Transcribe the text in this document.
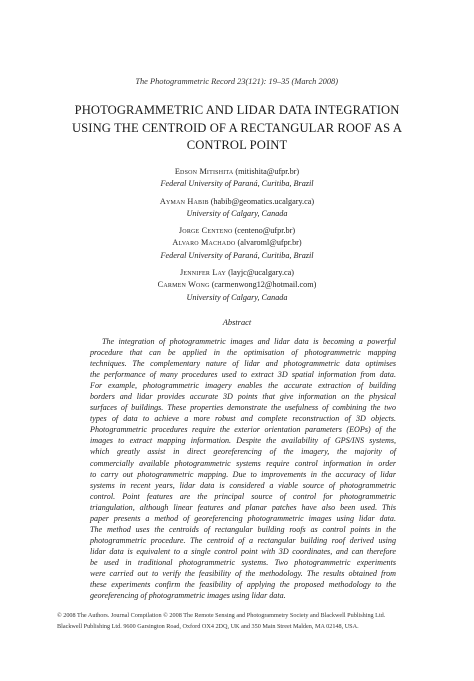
The Photogrammetric Record 23(121): 19–35 (March 2008)
PHOTOGRAMMETRIC AND LIDAR DATA INTEGRATION
USING THE CENTROID OF A RECTANGULAR ROOF AS A
CONTROL POINT
Edson Mitishita (mitishita@ufpr.br)
Federal University of Paraná, Curitiba, Brazil
Ayman Habib (habib@geomatics.ucalgary.ca)
University of Calgary, Canada
Jorge Centeno (centeno@ufpr.br)
Alvaro Machado (alvaroml@ufpr.br)
Federal University of Paraná, Curitiba, Brazil
Jennifer Lay (layjc@ucalgary.ca)
Carmen Wong (carmenwong12@hotmail.com)
University of Calgary, Canada
Abstract
The integration of photogrammetric images and lidar data is becoming a powerful
procedure that can be applied in the optimisation of photogrammetric mapping
techniques. The complementary nature of lidar and photogrammetric data optimises
the performance of many procedures used to extract 3D spatial information from data.
For example, photogrammetric imagery enables the accurate extraction of building
borders and lidar provides accurate 3D points that give information on the physical
surfaces of buildings. These properties demonstrate the usefulness of combining the two
types of data to achieve a more robust and complete reconstruction of 3D objects.
Photogrammetric procedures require the exterior orientation parameters (EOPs) of the
images to extract mapping information. Despite the availability of GPS/INS systems,
which greatly assist in direct georeferencing of the imagery, the majority of
commercially available photogrammetric systems require control information in order
to carry out photogrammetric mapping. Due to improvements in the accuracy of lidar
systems in recent years, lidar data is considered a viable source of photogrammetric
control. Point features are the principal source of control for photogrammetric
triangulation, although linear features and planar patches have also been used. This
paper presents a method of georeferencing photogrammetric images using lidar data.
The method uses the centroids of rectangular building roofs as control points in the
photogrammetric procedure. The centroid of a rectangular building roof derived using
lidar data is equivalent to a single control point with 3D coordinates, and can therefore
be used in traditional photogrammetric systems. Two photogrammetric experiments
were carried out to verify the feasibility of the methodology. The results obtained from
these experiments confirm the feasibility of applying the proposed methodology to the
georeferencing of photogrammetric images using lidar data.
© 2008 The Authors. Journal Compilation © 2008 The Remote Sensing and Photogrammetry Society and Blackwell Publishing Ltd.
Blackwell Publishing Ltd. 9600 Garsington Road, Oxford OX4 2DQ, UK and 350 Main Street Malden, MA 02148, USA.
